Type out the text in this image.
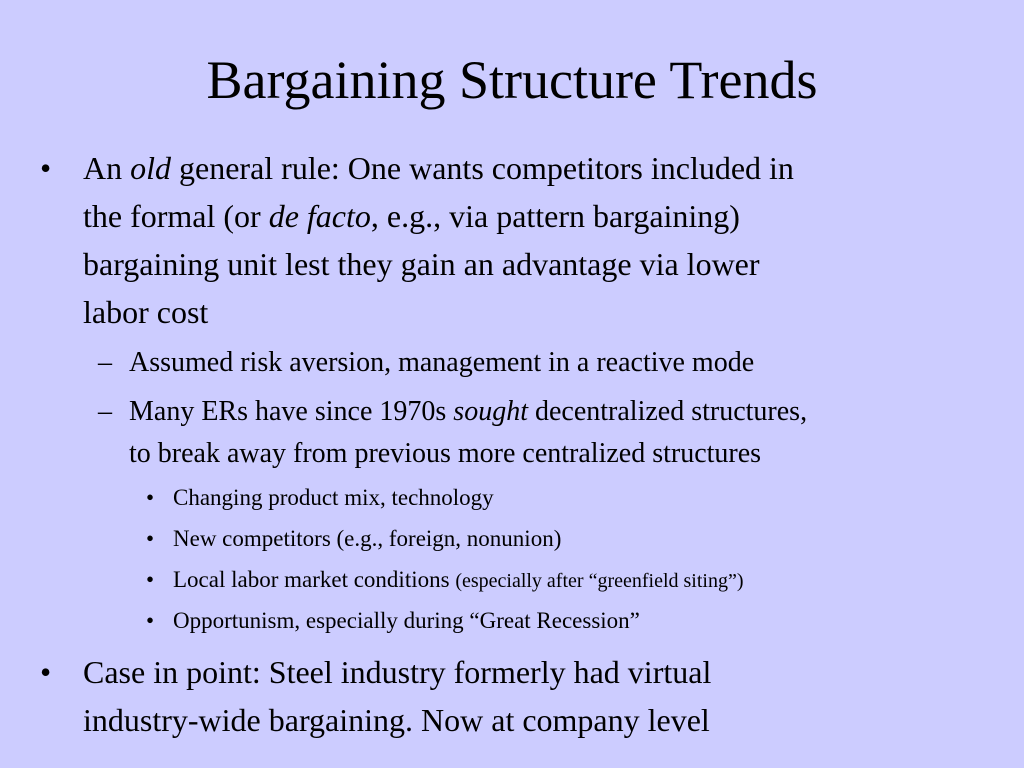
Bargaining Structure Trends
• An old general rule: One wants competitors included in
the formal (or de facto, e.g., via pattern bargaining)
bargaining unit lest they gain an advantage via lower
labor cost
– Assumed risk aversion, management in a reactive mode
– Many ERs have since 1970s sought decentralized structures,
to break away from previous more centralized structures
• Changing product mix, technology
• New competitors (e.g., foreign, nonunion)
• Local labor market conditions (especially after “greenfield siting”)
• Opportunism, especially during “Great Recession”
• Case in point: Steel industry formerly had virtual
industry-wide bargaining. Now at company level
